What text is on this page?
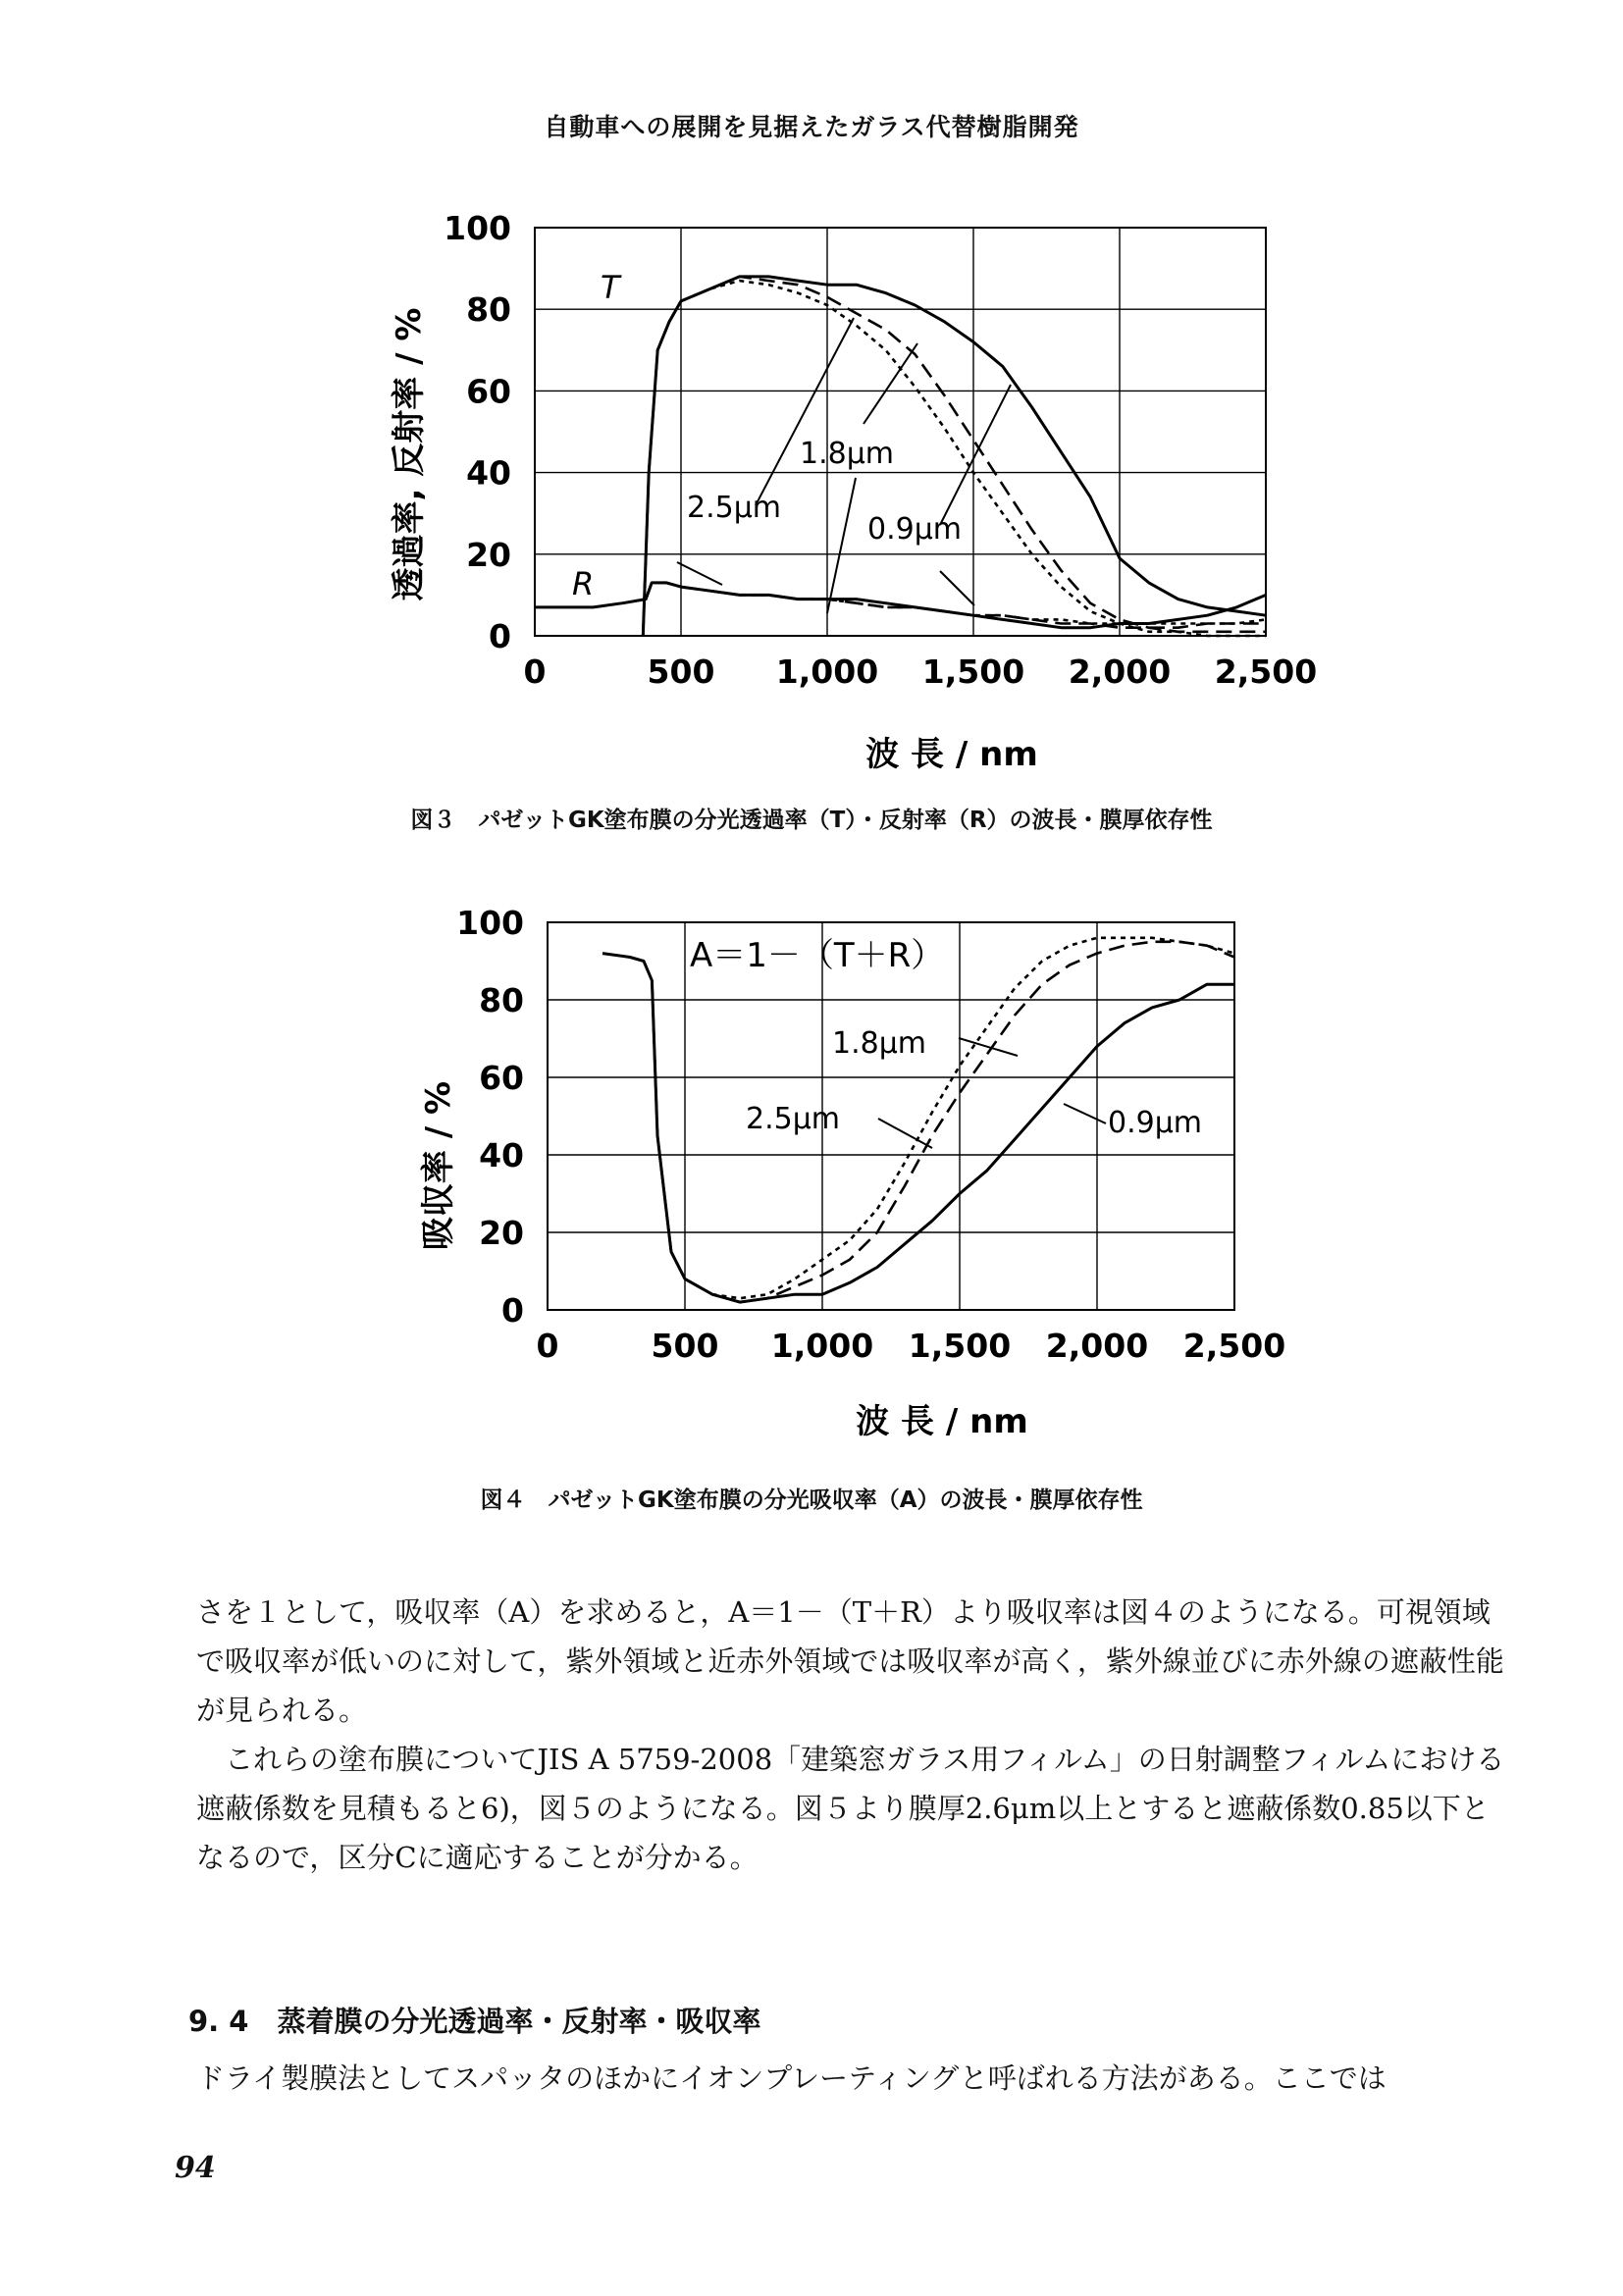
自動車への展開を見据えたガラス代替樹脂開発
0	500 1,000 1,500 2,000 2,500
0
20
40
60
80
100
T
R
1.8μm
2.5μm
0.9μm
透過率, 反射率 / %
波 長 / nm
図３　パゼットGK塗布膜の分光透過率（T）・反射率（R）の波長・膜厚依存性
0	500 1,000 1,500 2,000 2,500
0
20
40
60
80
100
A＝1－（T＋R）
1.8μm
2.5μm	0.9μm
吸収率 / %
波 長 / nm
図４　パゼットGK塗布膜の分光吸収率（A）の波長・膜厚依存性

さを１として，吸収率（A）を求めると，A＝1－（T＋R）より吸収率は図４のようになる。可視領域で吸収率が低いのに対して，紫外領域と近赤外領域では吸収率が高く，紫外線並びに赤外線の遮蔽性能が見られる。

これらの塗布膜についてJIS A 5759-2008「建築窓ガラス用フィルム」の日射調整フィルムにおける遮蔽係数を見積もると6)，図５のようになる。図５より膜厚2.6μm以上とすると遮蔽係数0.85以下となるので，区分Cに適応することが分かる。

9. 4　蒸着膜の分光透過率・反射率・吸収率

ドライ製膜法としてスパッタのほかにイオンプレーティングと呼ばれる方法がある。ここでは

94
